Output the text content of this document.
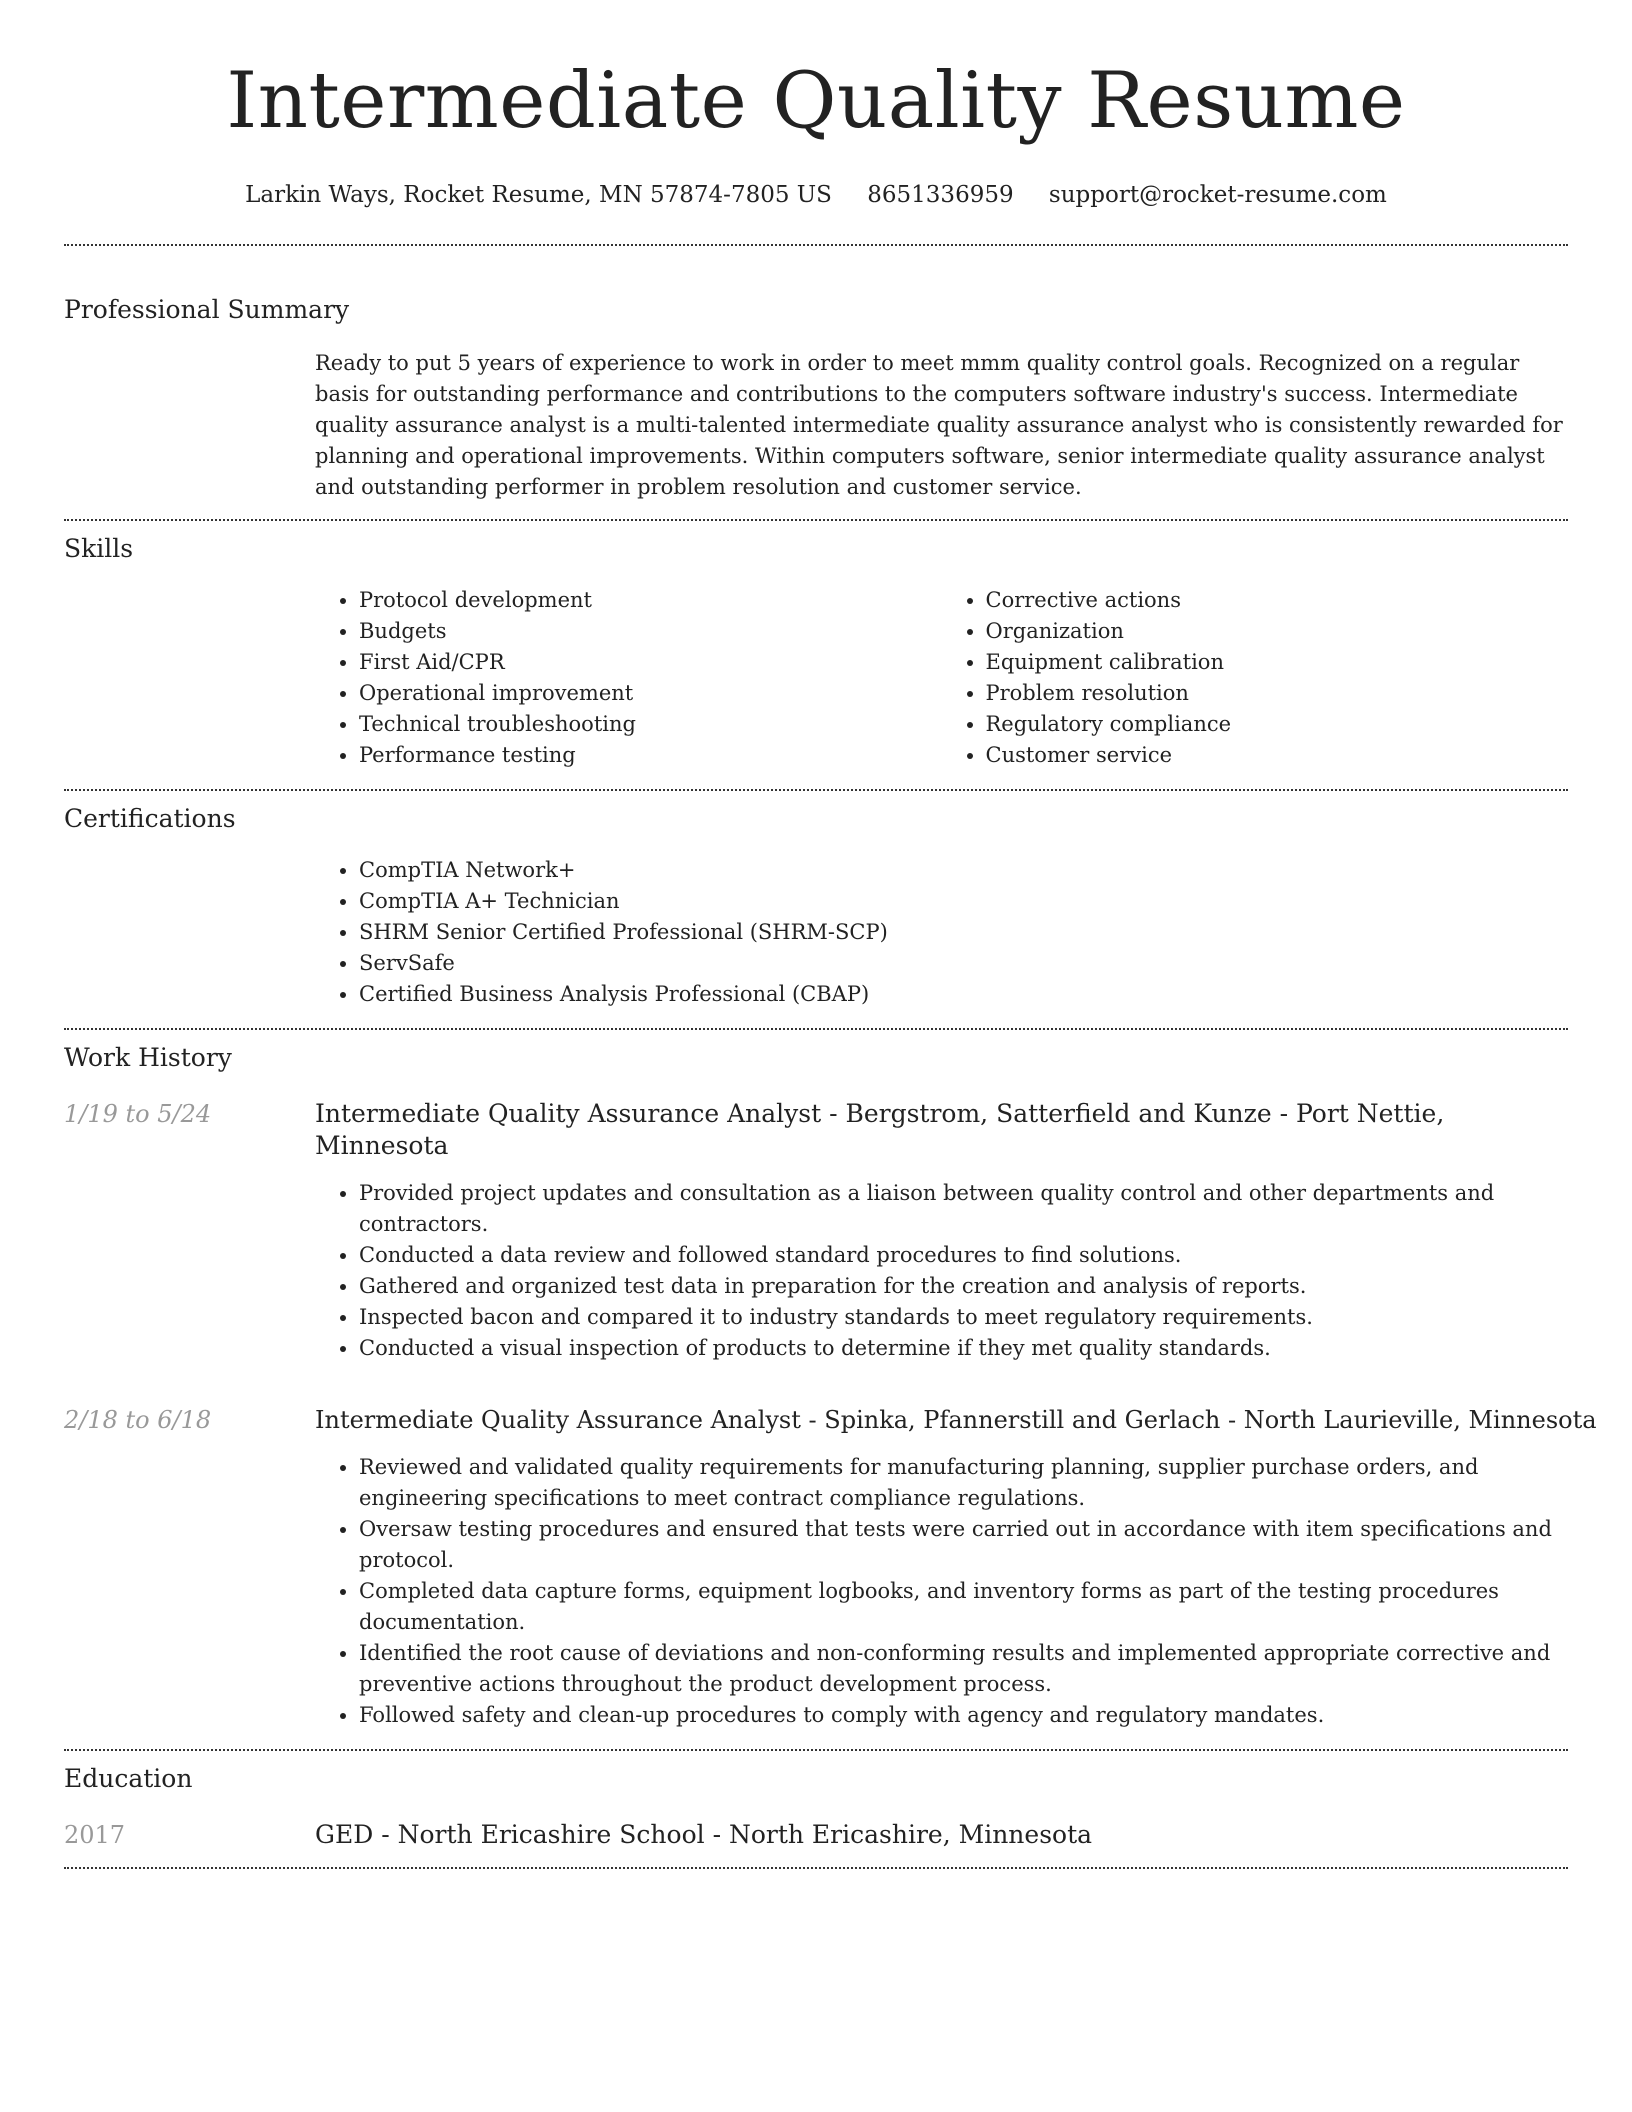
Intermediate Quality Resume
Larkin Ways, Rocket Resume, MN 57874-7805 US 8651336959 support@rocket-resume.com
Professional Summary

Ready to put 5 years of experience to work in order to meet mmm quality control goals. Recognized on a regular basis for outstanding performance and contributions to the computers software industry's success. Intermediate quality assurance analyst is a multi-talented intermediate quality assurance analyst who is consistently rewarded for planning and operational improvements. Within computers software, senior intermediate quality assurance analyst and outstanding performer in problem resolution and customer service.

Skills
• Protocol development
• Budgets
• First Aid/CPR
• Operational improvement
• Technical troubleshooting
• Performance testing
• Corrective actions
• Organization
• Equipment calibration
• Problem resolution
• Regulatory compliance
• Customer service
Certifications
• CompTIA Network+
• CompTIA A+ Technician
• SHRM Senior Certified Professional (SHRM-SCP)
• ServSafe
• Certified Business Analysis Professional (CBAP)
Work History
1/19 to 5/24	Intermediate Quality Assurance Analyst - Bergstrom, Satterfield and Kunze - Port Nettie, Minnesota
• Provided project updates and consultation as a liaison between quality control and other departments and contractors.
• Conducted a data review and followed standard procedures to find solutions.
• Gathered and organized test data in preparation for the creation and analysis of reports.
• Inspected bacon and compared it to industry standards to meet regulatory requirements.
• Conducted a visual inspection of products to determine if they met quality standards.
2/18 to 6/18	Intermediate Quality Assurance Analyst - Spinka, Pfannerstill and Gerlach - North Laurieville, Minnesota
• Reviewed and validated quality requirements for manufacturing planning, supplier purchase orders, and engineering specifications to meet contract compliance regulations.
• Oversaw testing procedures and ensured that tests were carried out in accordance with item specifications and protocol.
• Completed data capture forms, equipment logbooks, and inventory forms as part of the testing procedures documentation.
• Identified the root cause of deviations and non-conforming results and implemented appropriate corrective and preventive actions throughout the product development process.
• Followed safety and clean-up procedures to comply with agency and regulatory mandates.
Education
2017	GED - North Ericashire School - North Ericashire, Minnesota
